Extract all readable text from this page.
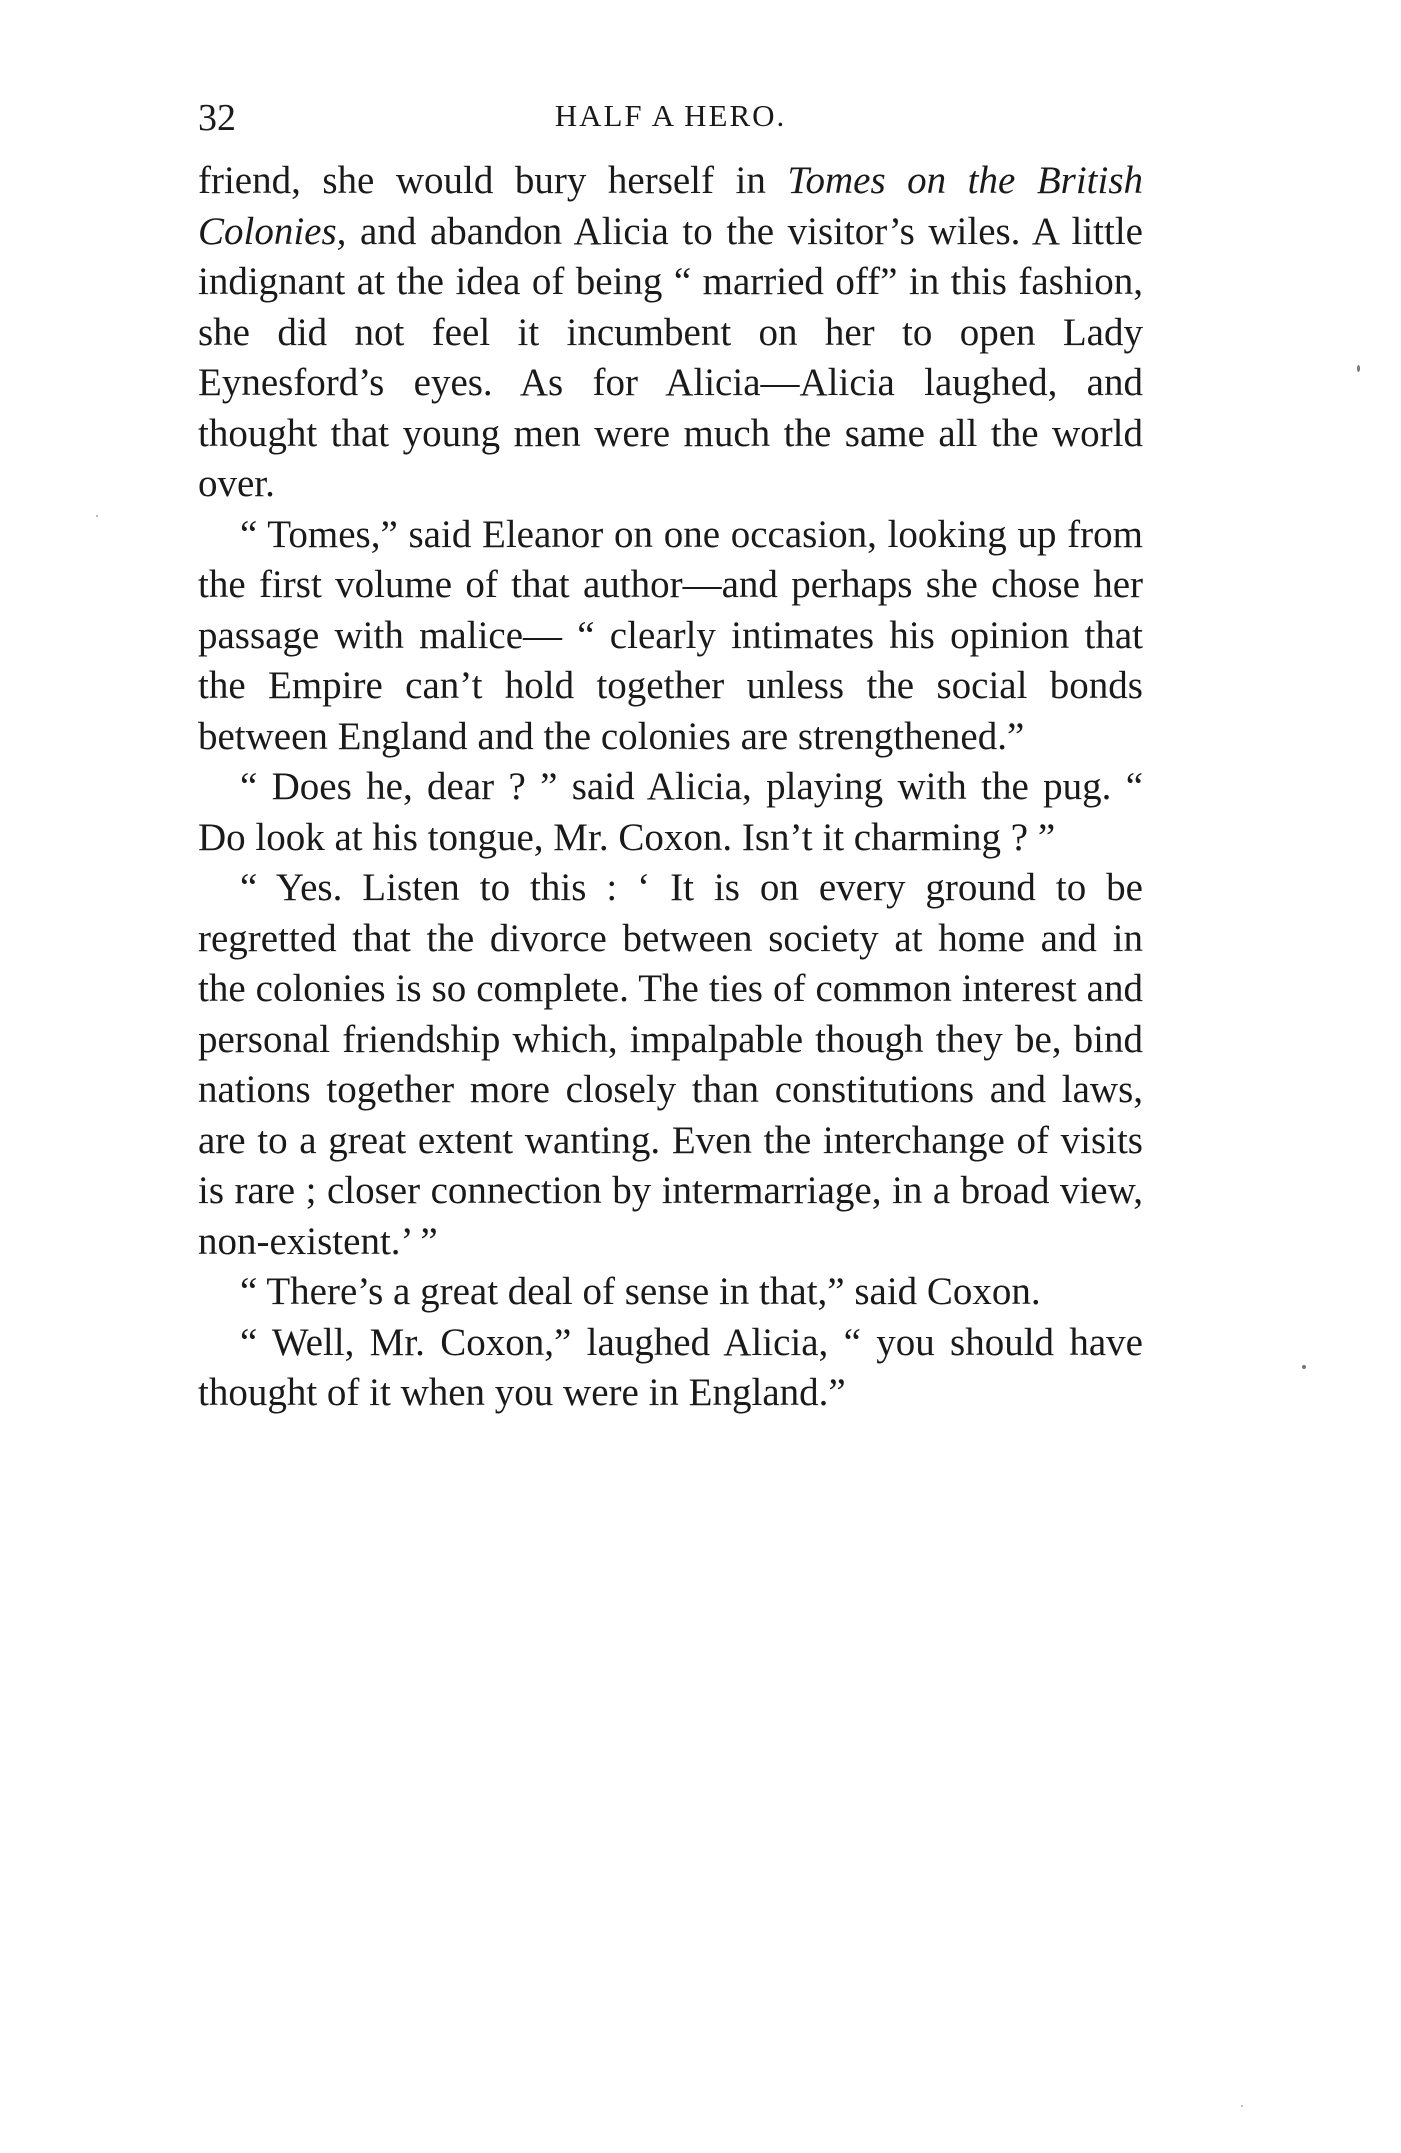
32	HALF A HERO.

friend, she would bury herself in Tomes on the British Colonies, and abandon Alicia to the visitor’s wiles. A little indignant at the idea of being “ married off” in this fashion, she did not feel it incumbent on her to open Lady Eynesford’s eyes. As for Alicia—Alicia laughed, and thought that young men were much the same all the world over.

“ Tomes,” said Eleanor on one occasion, looking up from the first volume of that author—and perhaps she chose her passage with malice— “ clearly intimates his opinion that the Empire can’t hold together unless the social bonds between England and the colonies are strengthened.”

“ Does he, dear ? ” said Alicia, playing with the pug. “ Do look at his tongue, Mr. Coxon. Isn’t it charming ? ”

“ Yes. Listen to this : ‘ It is on every ground to be regretted that the divorce between society at home and in the colonies is so complete. The ties of common interest and personal friendship which, impalpable though they be, bind nations together more closely than constitutions and laws, are to a great extent wanting. Even the interchange of visits is rare ; closer connection by intermarriage, in a broad view, non-existent.’ ”

“ There’s a great deal of sense in that,” said Coxon.

“ Well, Mr. Coxon,” laughed Alicia, “ you should have thought of it when you were in England.”
